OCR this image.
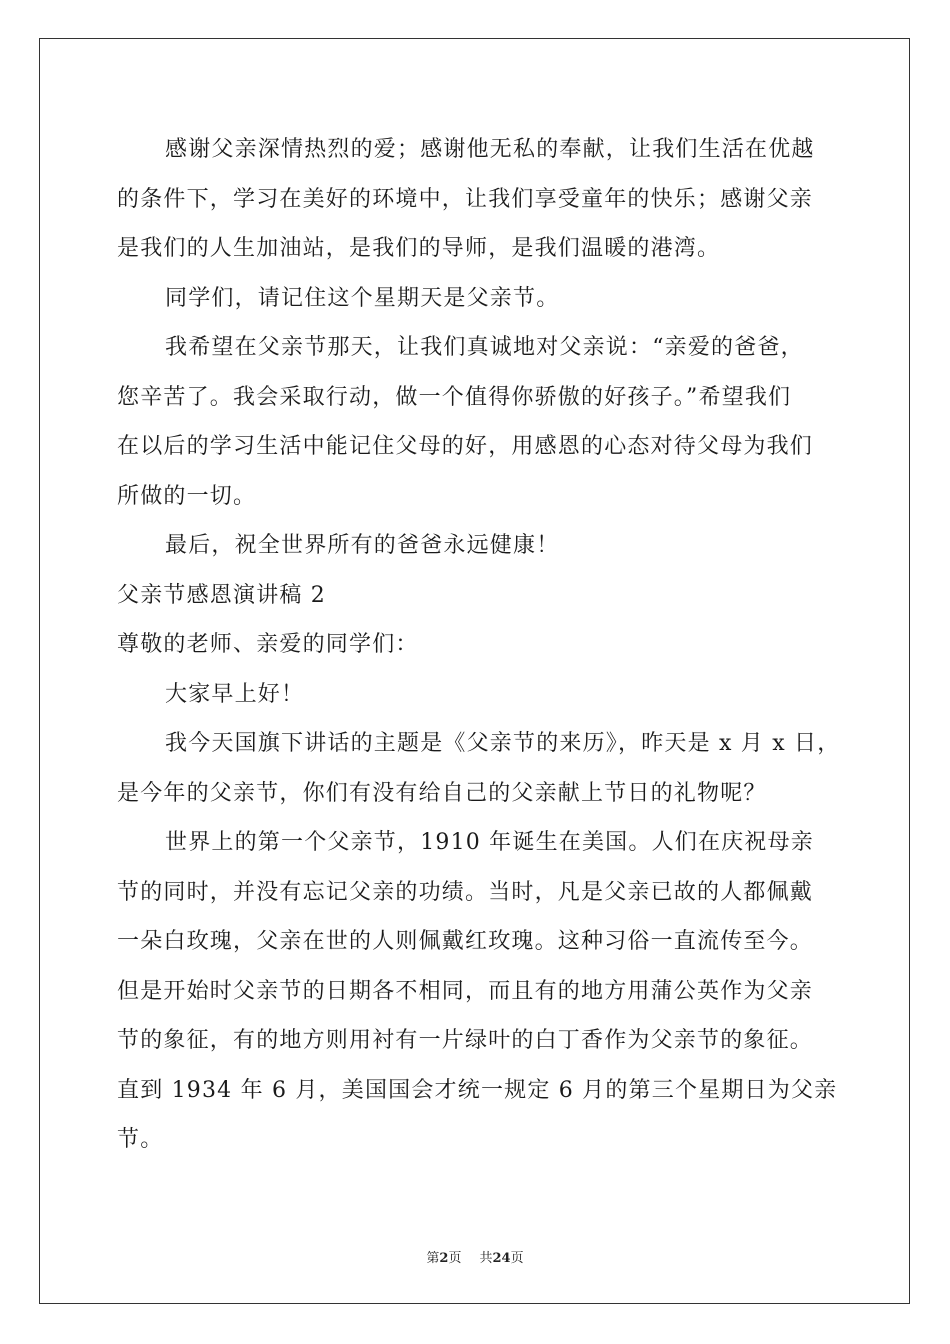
感谢父亲深情热烈的爱；感谢他无私的奉献，让我们生活在优越
的条件下，学习在美好的环境中，让我们享受童年的快乐；感谢父亲
是我们的人生加油站，是我们的导师，是我们温暖的港湾。
同学们，请记住这个星期天是父亲节。
我希望在父亲节那天，让我们真诚地对父亲说：“亲爱的爸爸，
您辛苦了。我会采取行动，做一个值得你骄傲的好孩子。”希望我们
在以后的学习生活中能记住父母的好，用感恩的心态对待父母为我们
所做的一切。
最后，祝全世界所有的爸爸永远健康！
父亲节感恩演讲稿 2
尊敬的老师、亲爱的同学们：
大家早上好！
我今天国旗下讲话的主题是《父亲节的来历》，昨天是 x 月 x 日，
是今年的父亲节，你们有没有给自己的父亲献上节日的礼物呢？
世界上的第一个父亲节，1910 年诞生在美国。人们在庆祝母亲
节的同时，并没有忘记父亲的功绩。当时，凡是父亲已故的人都佩戴
一朵白玫瑰，父亲在世的人则佩戴红玫瑰。这种习俗一直流传至今。
但是开始时父亲节的日期各不相同，而且有的地方用蒲公英作为父亲
节的象征，有的地方则用衬有一片绿叶的白丁香作为父亲节的象征。
直到 1934 年 6 月，美国国会才统一规定 6 月的第三个星期日为父亲
节。
第2页 共24页
